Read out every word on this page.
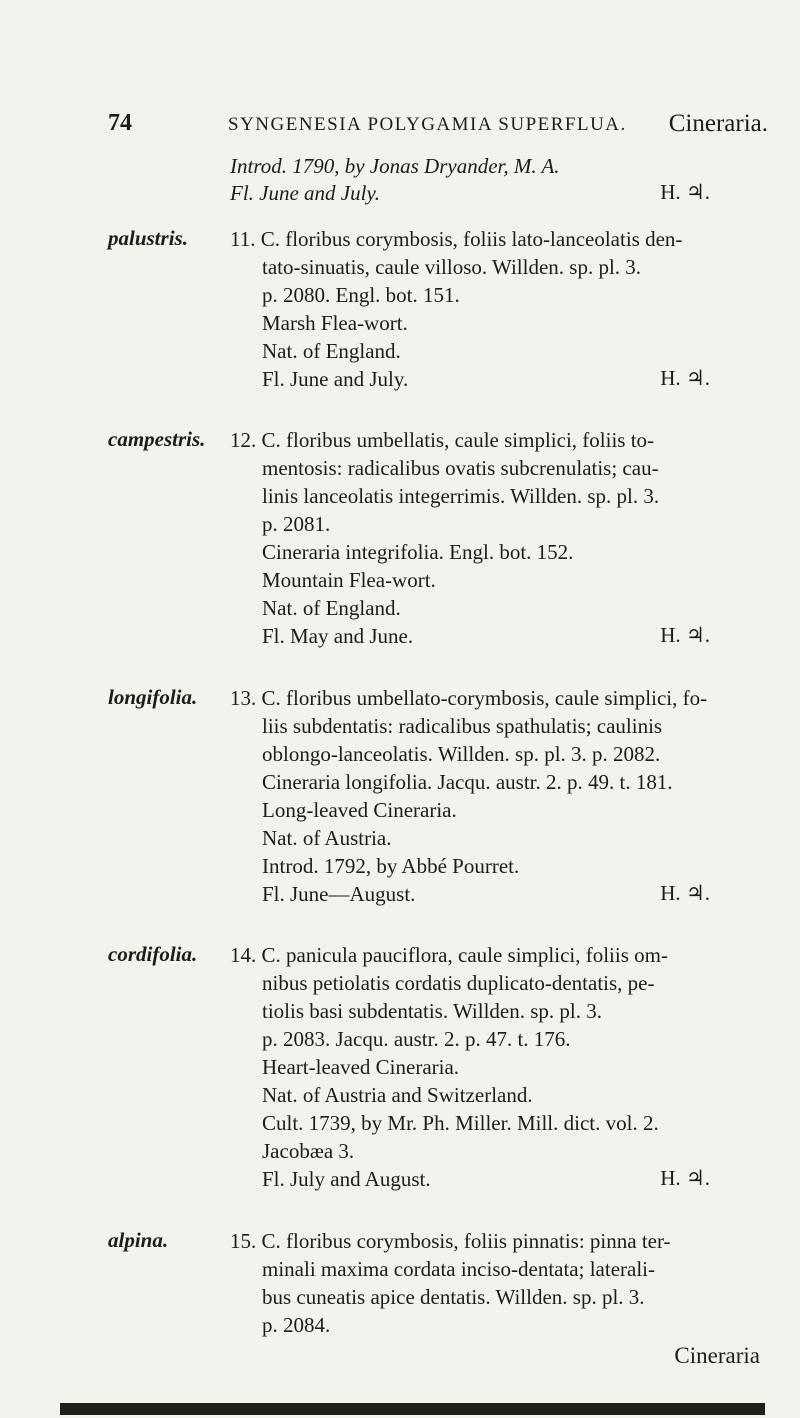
74	SYNGENESIA POLYGAMIA SUPERFLUA. Cineraria.
Introd. 1790, by Jonas Dryander, M. A.
Fl. June and July.	H. ♃.
palustris. 11. C. floribus corymbosis, foliis lato-lanceolatis den-
tato-sinuatis, caule villoso. Willden. sp. pl. 3.
p. 2080. Engl. bot. 151.
Marsh Flea-wort.
Nat. of England.
Fl. June and July.	H. ♃.
campestris. 12. C. floribus umbellatis, caule simplici, foliis to-
mentosis: radicalibus ovatis subcrenulatis; cau-
linis lanceolatis integerrimis. Willden. sp. pl. 3.
p. 2081.
Cineraria integrifolia. Engl. bot. 152.
Mountain Flea-wort.
Nat. of England.
Fl. May and June.	H. ♃.
longifolia. 13. C. floribus umbellato-corymbosis, caule simplici, fo-
liis subdentatis: radicalibus spathulatis; caulinis
oblongo-lanceolatis. Willden. sp. pl. 3. p. 2082.
Cineraria longifolia. Jacqu. austr. 2. p. 49. t. 181.
Long-leaved Cineraria.
Nat. of Austria.
Introd. 1792, by Abbé Pourret.
Fl. June—August.	H. ♃.
cordifolia. 14. C. panicula pauciflora, caule simplici, foliis om-
nibus petiolatis cordatis duplicato-dentatis, pe-
tiolis basi subdentatis. Willden. sp. pl. 3.
p. 2083. Jacqu. austr. 2. p. 47. t. 176.
Heart-leaved Cineraria.
Nat. of Austria and Switzerland.
Cult. 1739, by Mr. Ph. Miller. Mill. dict. vol. 2.
Jacobæa 3.
Fl. July and August.	H. ♃.
alpina.	15. C. floribus corymbosis, foliis pinnatis: pinna ter-
minali maxima cordata inciso-dentata; laterali-
bus cuneatis apice dentatis. Willden. sp. pl. 3.
p. 2084.
Cineraria
